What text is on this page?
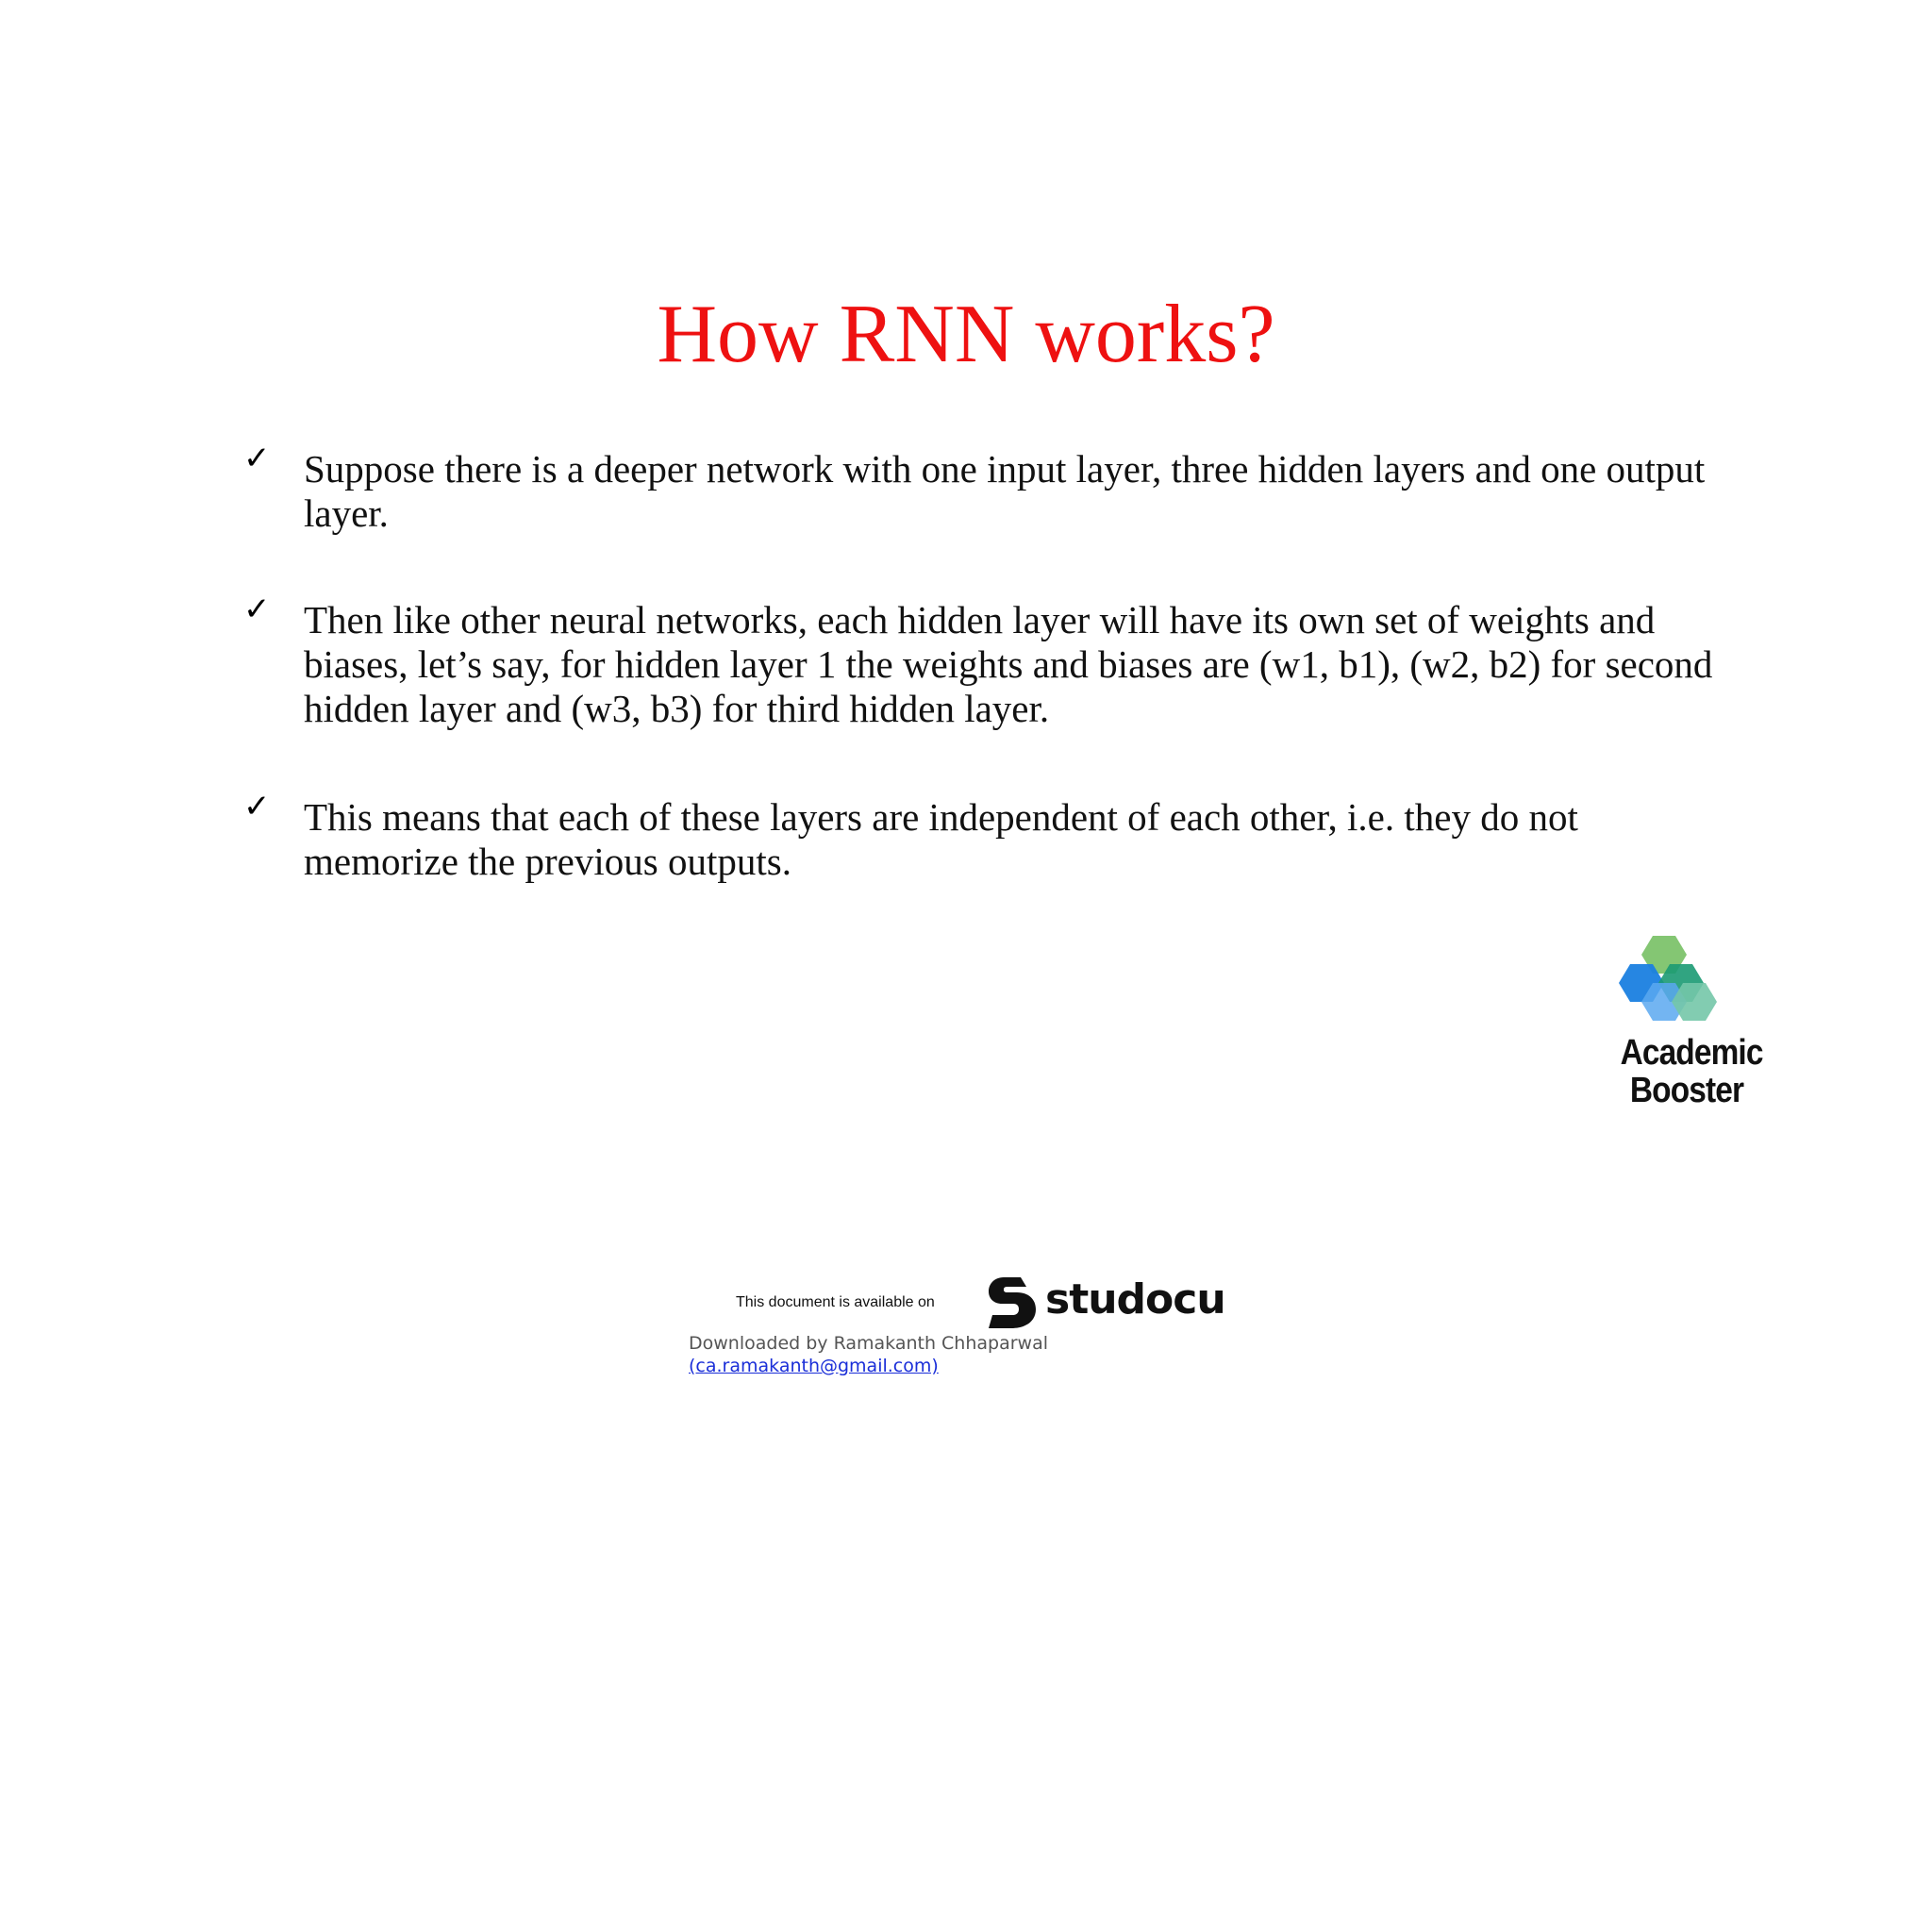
How RNN works?
✓ Suppose there is a deeper network with one input layer, three hidden layers and one output layer.
✓ Then like other neural networks, each hidden layer will have its own set of weights and biases, let’s say, for hidden layer 1 the weights and biases are (w1, b1), (w2, b2) for second hidden layer and (w3, b3) for third hidden layer.
✓ This means that each of these layers are independent of each other, i.e. they do not memorize the previous outputs.
Academic
Booster
This document is available on	studocu
Downloaded by Ramakanth Chhaparwal
(ca.ramakanth@gmail.com)
